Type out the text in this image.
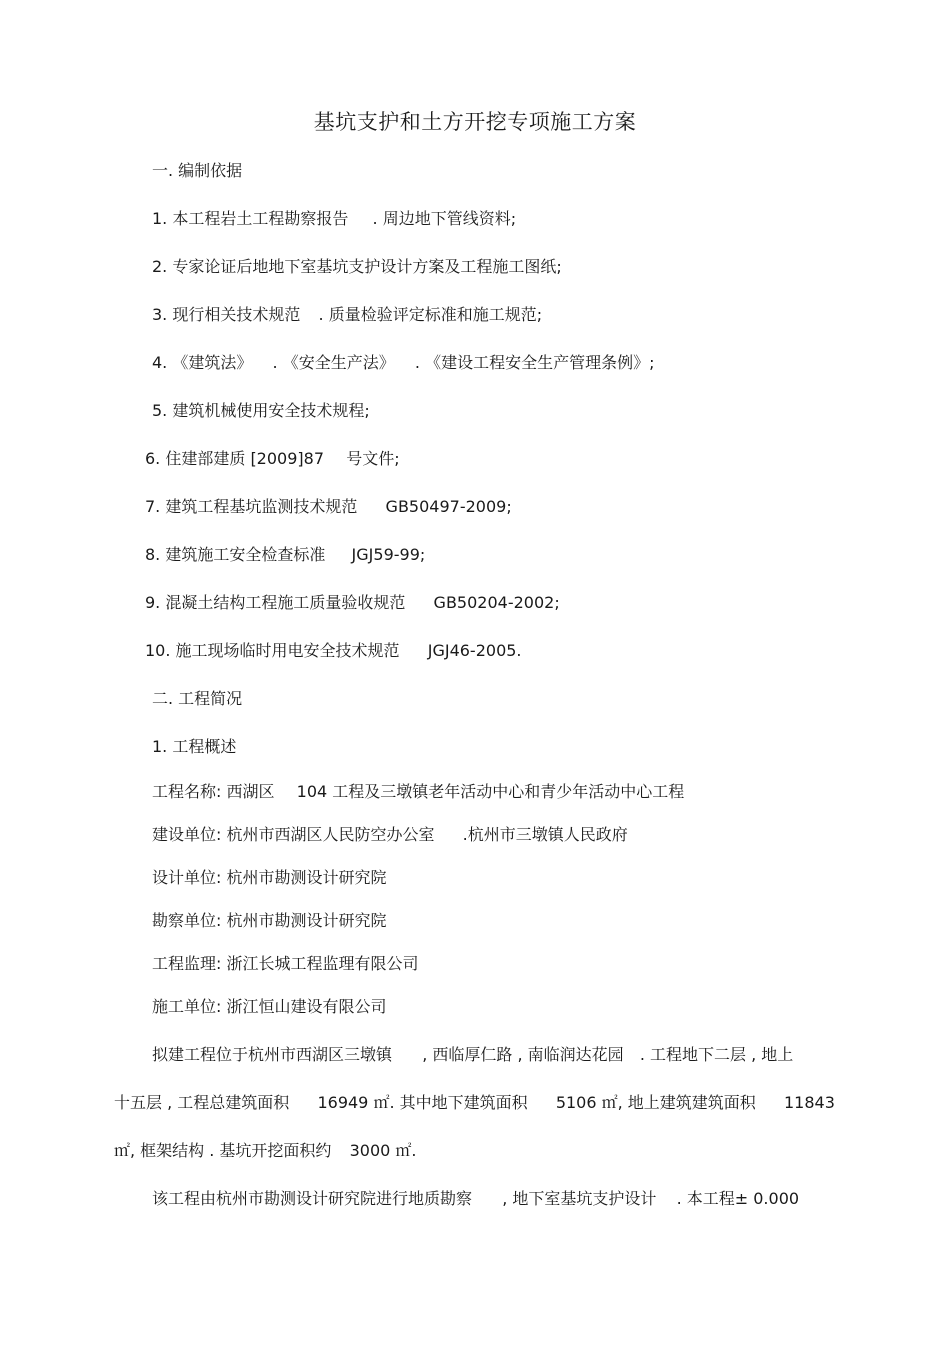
基坑支护和土方开挖专项施工方案
一. 编制依据
1. 本工程岩土工程勘察报告 . 周边地下管线资料;
2. 专家论证后地地下室基坑支护设计方案及工程施工图纸;
3. 现行相关技术规范 . 质量检验评定标准和施工规范;
4. 《建筑法》 . 《安全生产法》 . 《建设工程安全生产管理条例》;
5. 建筑机械使用安全技术规程;
6. 住建部建质 [2009]87 号文件;
7. 建筑工程基坑监测技术规范 GB50497-2009;
8. 建筑施工安全检查标准 JGJ59-99;
9. 混凝土结构工程施工质量验收规范 GB50204-2002;
10. 施工现场临时用电安全技术规范 JGJ46-2005.
二. 工程简况
1. 工程概述
工程名称: 西湖区 104 工程及三墩镇老年活动中心和青少年活动中心工程
建设单位: 杭州市西湖区人民防空办公室 .杭州市三墩镇人民政府
设计单位: 杭州市勘测设计研究院
勘察单位: 杭州市勘测设计研究院
工程监理: 浙江长城工程监理有限公司
施工单位: 浙江恒山建设有限公司
拟建工程位于杭州市西湖区三墩镇 , 西临厚仁路 , 南临润达花园 . 工程地下二层 , 地上
十五层 , 工程总建筑面积 16949 ㎡. 其中地下建筑面积 5106 ㎡, 地上建筑建筑面积 11843
㎡, 框架结构 . 基坑开挖面积约 3000 ㎡.
该工程由杭州市勘测设计研究院进行地质勘察 , 地下室基坑支护设计 . 本工程± 0.000
